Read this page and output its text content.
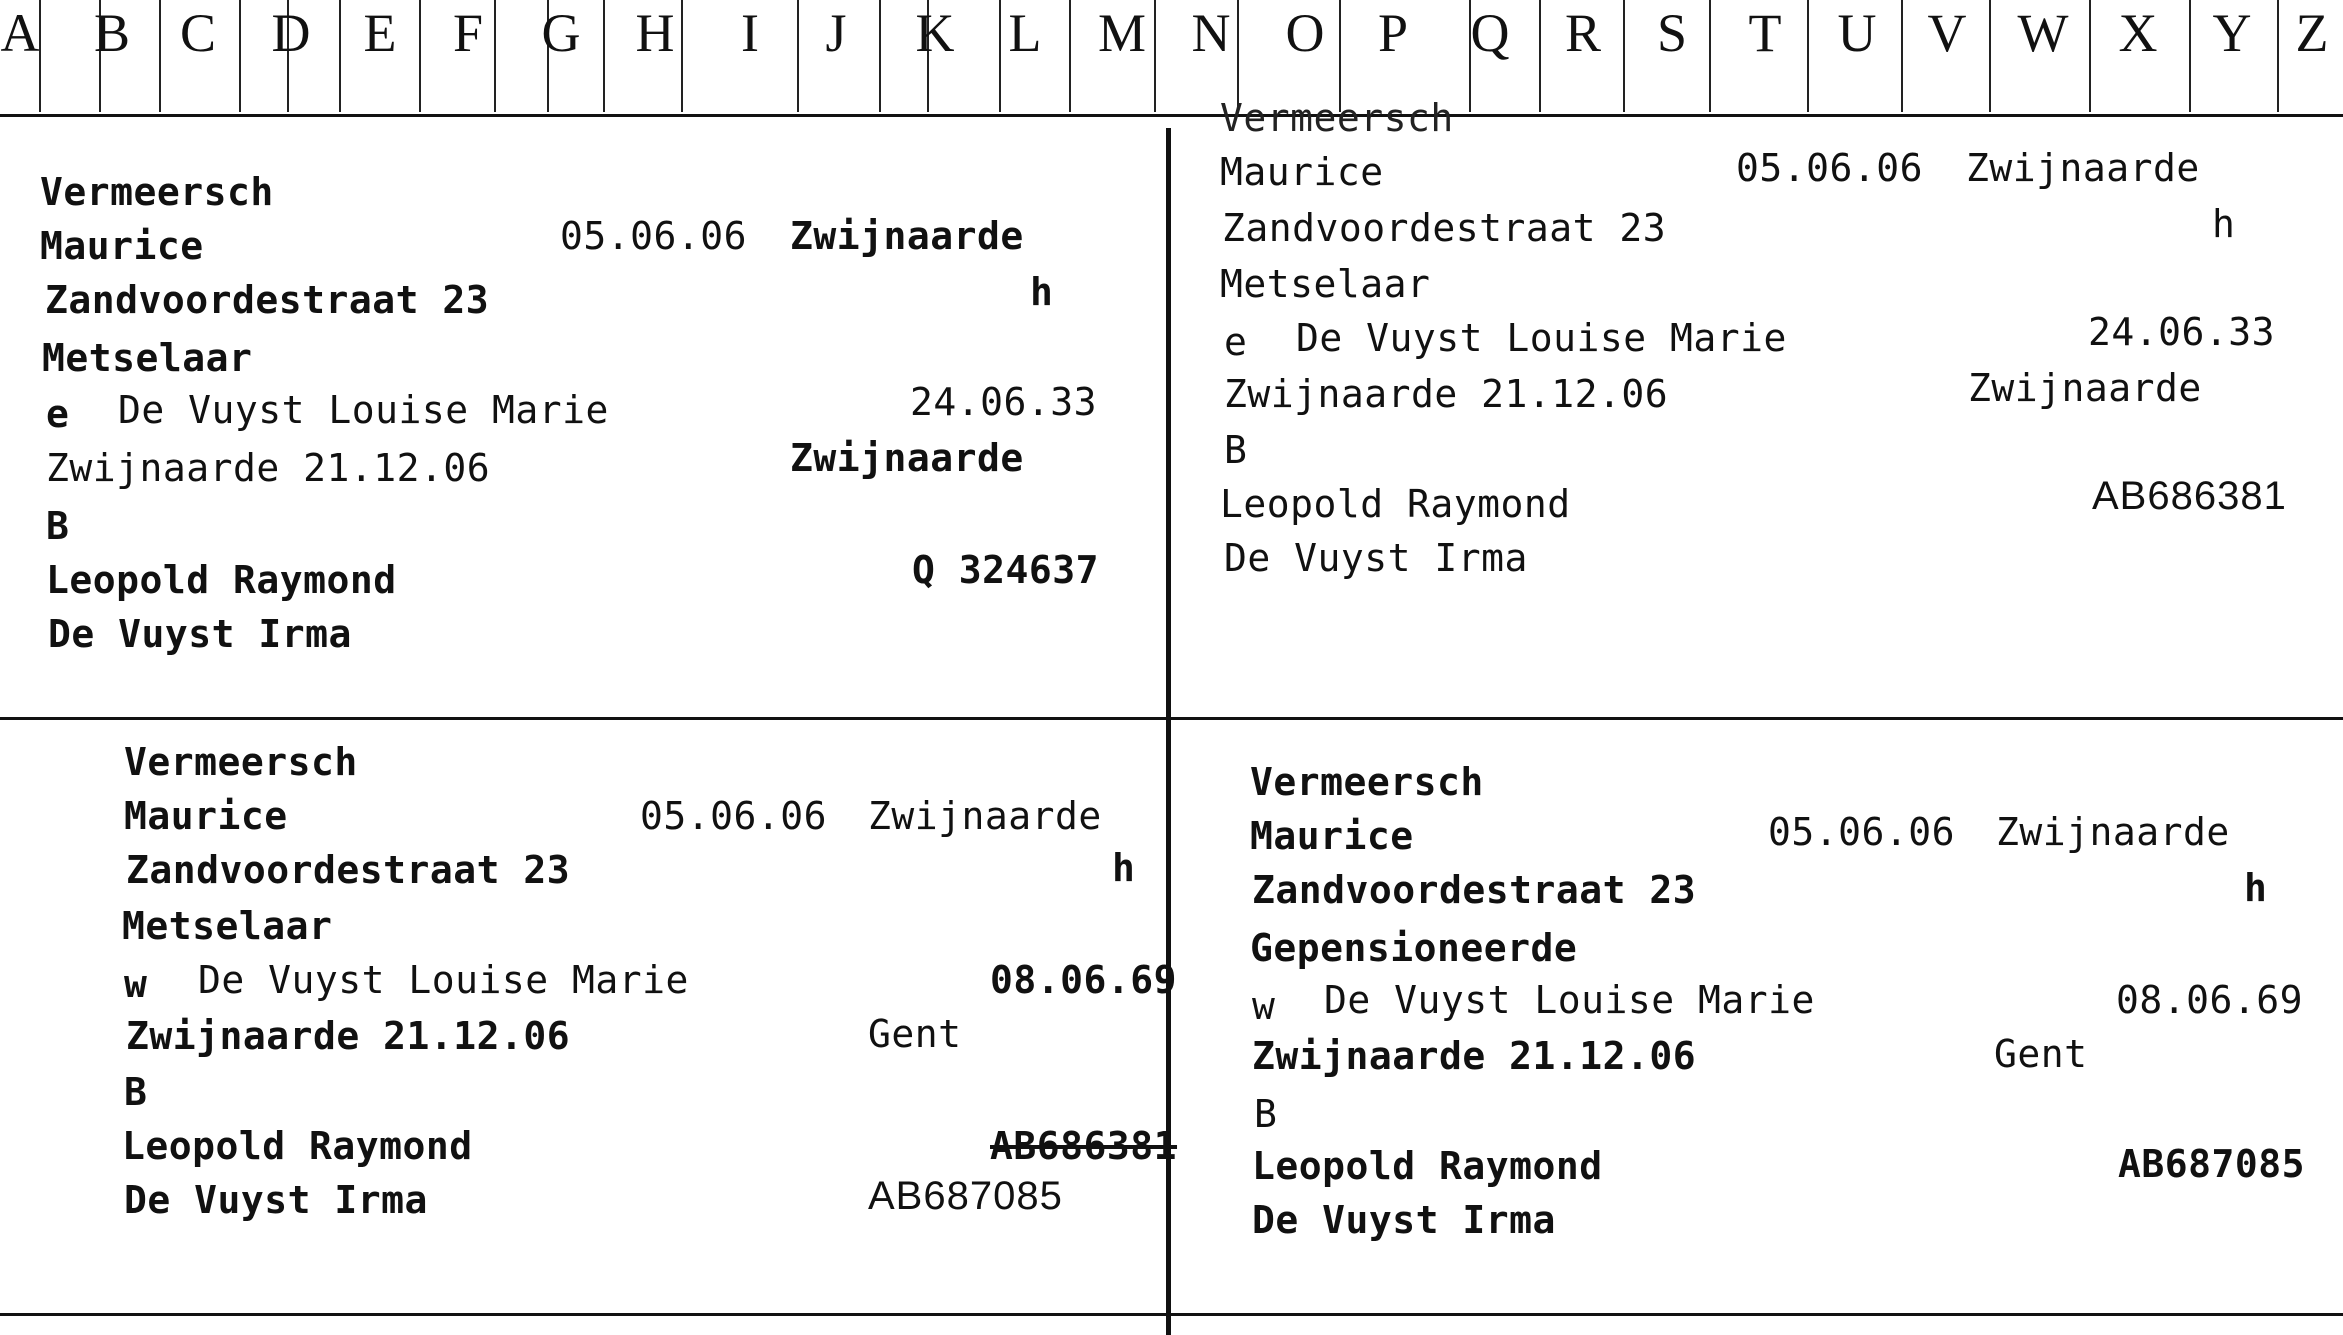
A B C D E F G	H	I	J	K L	M N O P	Q	R	S	T	U V W X	Y Z
Vermeersch
Maurice	05.06.06 Zwijnaarde
Zandvoordestraat 23	h
Metselaar
e De Vuyst Louise Marie	24.06.33
Zwijnaarde 21.12.06	Zwijnaarde
B
Leopold Raymond	Q 324637
De Vuyst Irma
Vermeersch
Maurice	05.06.06 Zwijnaarde
Zandvoordestraat 23	h
Metselaar
e De Vuyst Louise Marie	24.06.33
Zwijnaarde 21.12.06	Zwijnaarde
B
Leopold Raymond	AB686381
De Vuyst Irma
Vermeersch
Maurice	05.06.06 Zwijnaarde
Zandvoordestraat 23	h
Metselaar
w De Vuyst Louise Marie	08.06.69
Zwijnaarde 21.12.06	Gent
B
Leopold Raymond	AB686381
De Vuyst Irma	AB687085
Vermeersch
Maurice	05.06.06 Zwijnaarde
Zandvoordestraat 23	h
Gepensioneerde
w De Vuyst Louise Marie	08.06.69
Zwijnaarde 21.12.06	Gent
B
Leopold Raymond	AB687085
De Vuyst Irma
